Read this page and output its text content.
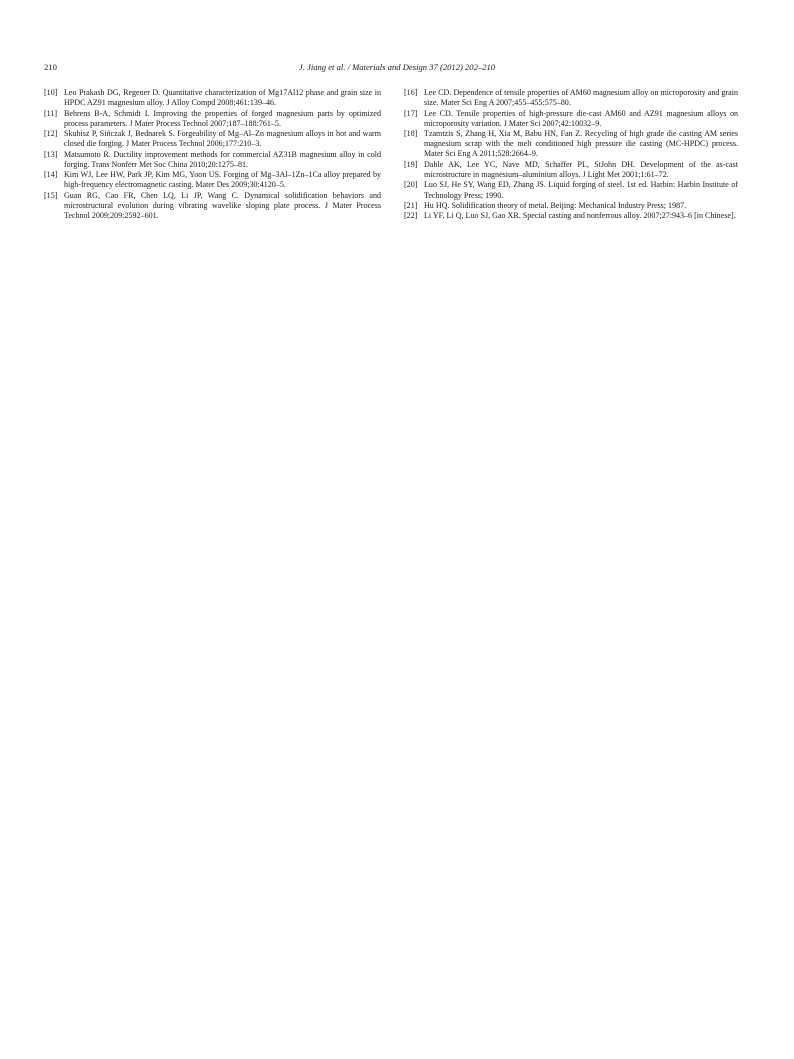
210	J. Jiang et al. / Materials and Design 37 (2012) 202–210
[10] Leo Prakash DG, Regener D. Quantitative characterization of Mg17Al12 phase and grain size in HPDC AZ91 magnesium alloy. J Alloy Compd 2008;461:139–46.
[11] Behrens B-A, Schmidt I. Improving the properties of forged magnesium parts by optimized process parameters. J Mater Process Technol 2007;187–188:761–5.
[12] Skubisz P, Sińczak J, Bednarek S. Forgeability of Mg–Al–Zn magnesium alloys in hot and warm closed die forging. J Mater Process Technol 2006;177:210–3.
[13] Matsumoto R. Ductility improvement methods for commercial AZ31B magnesium alloy in cold forging. Trans Nonferr Met Soc China 2010;20:1275–81.
[14] Kim WJ, Lee HW, Park JP, Kim MG, Yoon US. Forging of Mg–3Al–1Zn–1Ca alloy prepared by high-frequency electromagnetic casting. Mater Des 2009;30:4120–5.
[15] Guan RG, Cao FR, Chen LQ, Li JP, Wang C. Dynamical solidification behaviors and microstructural evolution during vibrating wavelike sloping plate process. J Mater Process Technol 2009;209:2592–601.
[16] Lee CD. Dependence of tensile properties of AM60 magnesium alloy on microporosity and grain size. Mater Sci Eng A 2007;455–455:575–80.
[17] Lee CD. Tensile properties of high-pressure die-cast AM60 and AZ91 magnesium alloys on microporosity variation. J Mater Sci 2007;42:10032–9.
[18] Tzamtzis S, Zhang H, Xia M, Babu HN, Fan Z. Recycling of high grade die casting AM series magnesium scrap with the melt conditioned high pressure die casting (MC-HPDC) process. Mater Sci Eng A 2011;528:2664–9.
[19] Dahle AK, Lee YC, Nave MD, Schaffer PL, StJohn DH. Development of the as-cast microstructure in magnesium–aluminium alloys. J Light Met 2001;1:61–72.
[20] Luo SJ, He SY, Wang ED, Zhang JS. Liquid forging of steel. 1st ed. Harbin: Harbin Institute of Technology Press; 1990.
[21] Hu HQ. Solidification theory of metal. Beijing: Mechanical Industry Press; 1987.
[22] Li YF, Li Q, Luo SJ, Gao XR. Special casting and nonferrous alloy. 2007;27:943–6 [in Chinese].
